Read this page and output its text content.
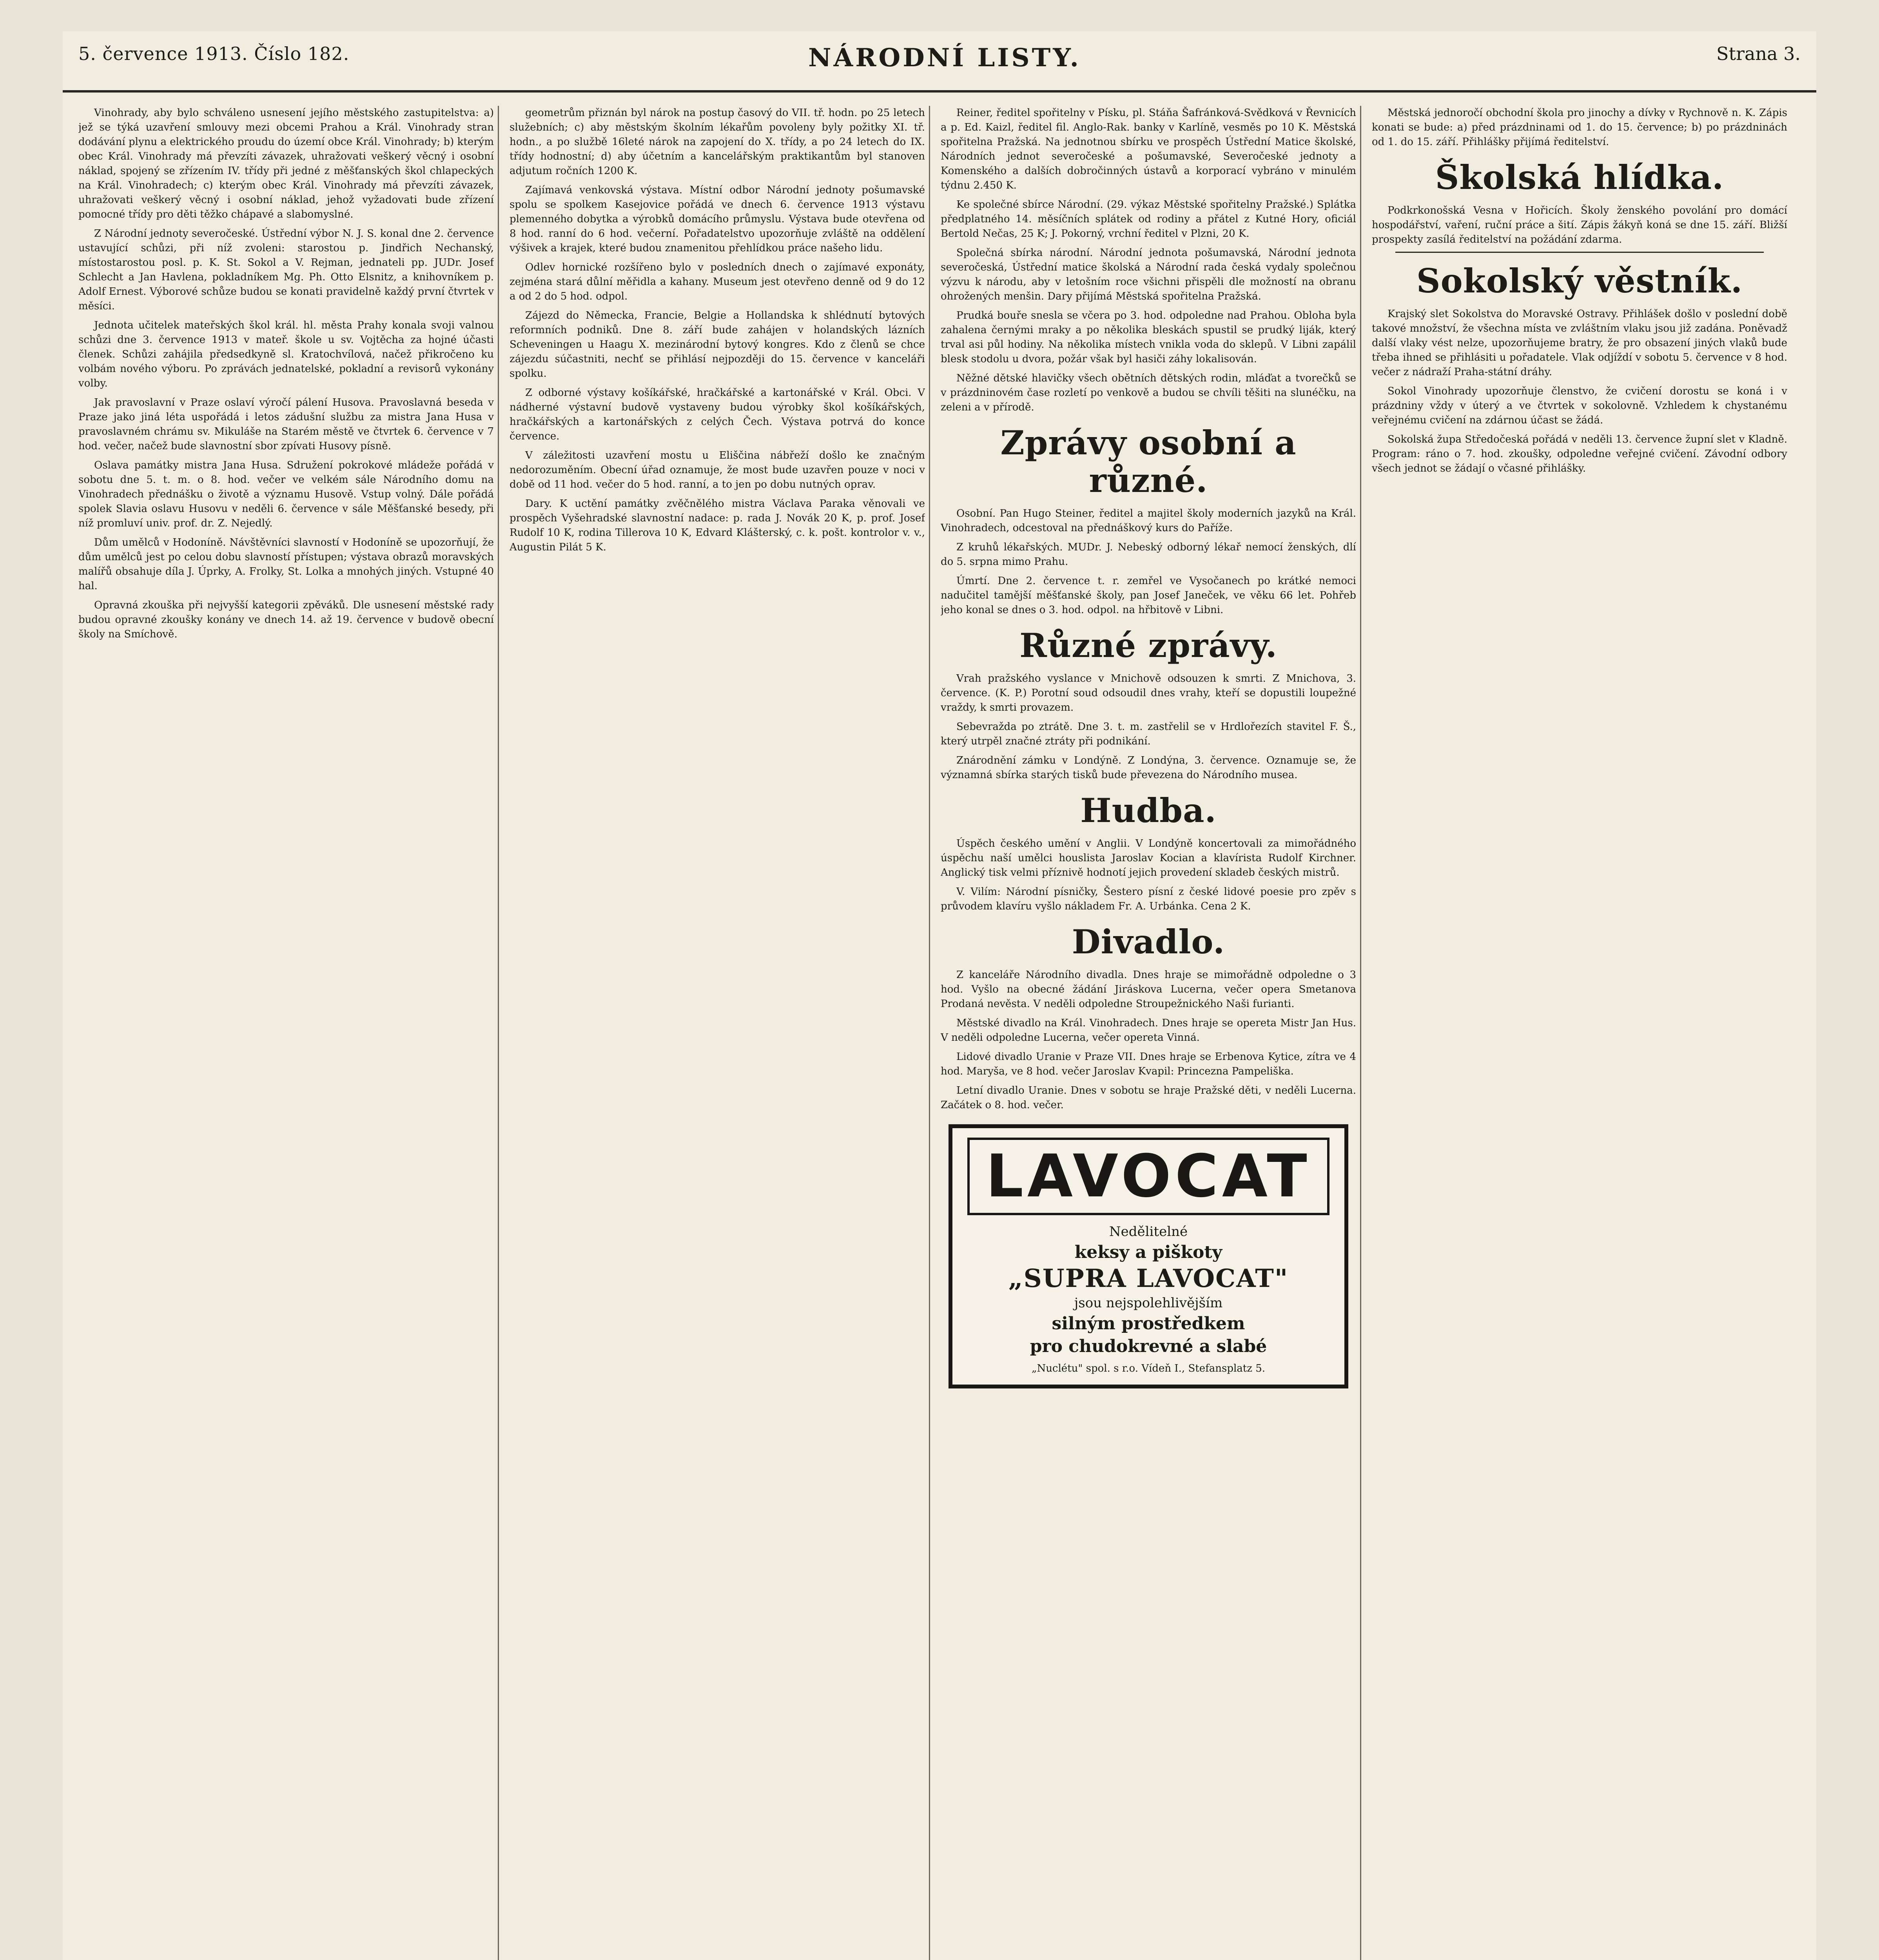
5. července 1913. Číslo 182.	NÁRODNÍ LISTY.	Strana 3.

Vinohrady, aby bylo schváleno usnesení jejího městského zastupitelstva: a) jež se týká uzavření smlouvy mezi obcemi Prahou a Král. Vinohrady stran dodávání plynu a elektrického proudu do území obce Král. Vinohrady; b) kterým obec Král. Vinohrady má převzíti závazek, uhražovati veškerý věcný i osobní náklad, spojený se zřízením IV. třídy při jedné z měšťanských škol chlapeckých na Král. Vinohradech; c) kterým obec Král. Vinohrady má převzíti závazek, uhražovati veškerý věcný i osobní náklad, jehož vyžadovati bude zřízení pomocné třídy pro děti těžko chápavé a slabomyslné.

Z Národní jednoty severočeské. Ústřední výbor N. J. S. konal dne 2. července ustavující schůzi, při níž zvoleni: starostou p. Jindřich Nechanský, místostarostou posl. p. K. St. Sokol a V. Rejman, jednateli pp. JUDr. Josef Schlecht a Jan Havlena, pokladníkem Mg. Ph. Otto Elsnitz, a knihovníkem p. Adolf Ernest. Výborové schůze budou se konati pravidelně každý první čtvrtek v měsíci.

Jednota učitelek mateřských škol král. hl. města Prahy konala svoji valnou schůzi dne 3. července 1913 v mateř. škole u sv. Vojtěcha za hojné účasti členek. Schůzi zahájila předsedkyně sl. Kratochvílová, načež přikročeno ku volbám nového výboru. Po zprávách jednatelské, pokladní a revisorů vykonány volby.

Jak pravoslavní v Praze oslaví výročí pálení Husova. Pravoslavná beseda v Praze jako jiná léta uspořádá i letos zádušní službu za mistra Jana Husa v pravoslavném chrámu sv. Mikuláše na Starém městě ve čtvrtek 6. července v 7 hod. večer, načež bude slavnostní sbor zpívati Husovy písně.

Oslava památky mistra Jana Husa. Sdružení pokrokové mládeže pořádá v sobotu dne 5. t. m. o 8. hod. večer ve velkém sále Národního domu na Vinohradech přednášku o životě a významu Husově. Vstup volný. Dále pořádá spolek Slavia oslavu Husovu v neděli 6. července v sále Měšťanské besedy, při níž promluví univ. prof. dr. Z. Nejedlý.

Dům umělců v Hodoníně. Návštěvníci slavností v Hodoníně se upozorňují, že dům umělců jest po celou dobu slavností přístupen; výstava obrazů moravských malířů obsahuje díla J. Úprky, A. Frolky, St. Lolka a mnohých jiných. Vstupné 40 hal.

Opravná zkouška při nejvyšší kategorii zpěváků. Dle usnesení městské rady budou opravné zkoušky konány ve dnech 14. až 19. července v budově obecní školy na Smíchově.

geometrům přiznán byl nárok na postup časový do VII. tř. hodn. po 25 letech služebních; c) aby městským školním lékařům povoleny byly požitky XI. tř. hodn., a po službě 16leté nárok na zapojení do X. třídy, a po 24 letech do IX. třídy hodnostní; d) aby účetním a kancelářským praktikantům byl stanoven adjutum ročních 1200 K.

Zajímavá venkovská výstava. Místní odbor Národní jednoty pošumavské spolu se spolkem Kasejovice pořádá ve dnech 6. července 1913 výstavu plemenného dobytka a výrobků domácího průmyslu. Výstava bude otevřena od 8 hod. ranní do 6 hod. večerní. Pořadatelstvo upozorňuje zvláště na oddělení výšivek a krajek, které budou znamenitou přehlídkou práce našeho lidu.

Odlev hornické rozšířeno bylo v posledních dnech o zajímavé exponáty, zejména stará důlní měřidla a kahany. Museum jest otevřeno denně od 9 do 12 a od 2 do 5 hod. odpol.

Zájezd do Německa, Francie, Belgie a Hollandska k shlédnutí bytových reformních podniků. Dne 8. září bude zahájen v holandských lázních Scheveningen u Haagu X. mezinárodní bytový kongres. Kdo z členů se chce zájezdu súčastniti, nechť se přihlásí nejpozději do 15. července v kanceláři spolku.

Z odborné výstavy košíkářské, hračkářské a kartonářské v Král. Obci. V nádherné výstavní budově vystaveny budou výrobky škol košíkářských, hračkářských a kartonářských z celých Čech. Výstava potrvá do konce července.

V záležitosti uzavření mostu u Eliščina nábřeží došlo ke značným nedorozuměním. Obecní úřad oznamuje, že most bude uzavřen pouze v noci v době od 11 hod. večer do 5 hod. ranní, a to jen po dobu nutných oprav.

Dary. K uctění památky zvěčnělého mistra Václava Paraka věnovali ve prospěch Vyšehradské slavnostní nadace: p. rada J. Novák 20 K, p. prof. Josef Rudolf 10 K, rodina Tillerova 10 K, Edvard Klášterský, c. k. pošt. kontrolor v. v., Augustin Pilát 5 K.

Reiner, ředitel spořitelny v Písku, pl. Stáňa Šafránková-Svědková v Řevnicích a p. Ed. Kaizl, ředitel fil. Anglo-Rak. banky v Karlíně, vesměs po 10 K. Městská spořitelna Pražská. Na jednotnou sbírku ve prospěch Ústřední Matice školské, Národních jednot severočeské a pošumavské, Severočeské jednoty a Komenského a dalších dobročinných ústavů a korporací vybráno v minulém týdnu 2.450 K.

Ke společné sbírce Národní. (29. výkaz Městské spořitelny Pražské.) Splátka předplatného 14. měsíčních splátek od rodiny a přátel z Kutné Hory, oficiál Bertold Nečas, 25 K; J. Pokorný, vrchní ředitel v Plzni, 20 K.

Společná sbírka národní. Národní jednota pošumavská, Národní jednota severočeská, Ústřední matice školská a Národní rada česká vydaly společnou výzvu k národu, aby v letošním roce všichni přispěli dle možností na obranu ohrožených menšin. Dary přijímá Městská spořitelna Pražská.

Prudká bouře snesla se včera po 3. hod. odpoledne nad Prahou. Obloha byla zahalena černými mraky a po několika bleskách spustil se prudký liják, který trval asi půl hodiny. Na několika místech vnikla voda do sklepů. V Libni zapálil blesk stodolu u dvora, požár však byl hasiči záhy lokalisován.

Něžné dětské hlavičky všech obětních dětských rodin, mláďat a tvorečků se v prázdninovém čase rozletí po venkově a budou se chvíli těšiti na slunéčku, na zeleni a v přírodě.

Zprávy osobní a různé.

Osobní. Pan Hugo Steiner, ředitel a majitel školy moderních jazyků na Král. Vinohradech, odcestoval na přednáškový kurs do Paříže.

Z kruhů lékařských. MUDr. J. Nebeský odborný lékař nemocí ženských, dlí do 5. srpna mimo Prahu.

Úmrtí. Dne 2. července t. r. zemřel ve Vysočanech po krátké nemoci nadučitel tamější měšťanské školy, pan Josef Janeček, ve věku 66 let. Pohřeb jeho konal se dnes o 3. hod. odpol. na hřbitově v Libni.

Různé zprávy.

Vrah pražského vyslance v Mnichově odsouzen k smrti. Z Mnichova, 3. července. (K. P.) Porotní soud odsoudil dnes vrahy, kteří se dopustili loupežné vraždy, k smrti provazem.

Sebevražda po ztrátě. Dne 3. t. m. zastřelil se v Hrdlořezích stavitel F. Š., který utrpěl značné ztráty při podnikání.

Znárodnění zámku v Londýně. Z Londýna, 3. července. Oznamuje se, že významná sbírka starých tisků bude převezena do Národního musea.

Hudba.

Úspěch českého umění v Anglii. V Londýně koncertovali za mimořádného úspěchu naší umělci houslista Jaroslav Kocian a klavírista Rudolf Kirchner. Anglický tisk velmi příznivě hodnotí jejich provedení skladeb českých mistrů.

V. Vilím: Národní písničky, Šestero písní z české lidové poesie pro zpěv s průvodem klavíru vyšlo nákladem Fr. A. Urbánka. Cena 2 K.

Divadlo.

Z kanceláře Národního divadla. Dnes hraje se mimořádně odpoledne o 3 hod. Vyšlo na obecné žádání Jiráskova Lucerna, večer opera Smetanova Prodaná nevěsta. V neděli odpoledne Stroupežnického Naši furianti.

Městské divadlo na Král. Vinohradech. Dnes hraje se opereta Mistr Jan Hus. V neděli odpoledne Lucerna, večer opereta Vinná.

Lidové divadlo Uranie v Praze VII. Dnes hraje se Erbenova Kytice, zítra ve 4 hod. Maryša, ve 8 hod. večer Jaroslav Kvapil: Princezna Pampeliška.

Letní divadlo Uranie. Dnes v sobotu se hraje Pražské děti, v neděli Lucerna. Začátek o 8. hod. večer.

LAVOCAT
Nedělitelné
keksy a piškoty
„SUPRA LAVOCAT"
jsou nejspolehlivějším
silným prostředkem
pro chudokrevné a slabé
„Nuclétu" spol. s r.o. Vídeň I., Stefansplatz 5.

Městská jednoročí obchodní škola pro jinochy a dívky v Rychnově n. K. Zápis konati se bude: a) před prázdninami od 1. do 15. července; b) po prázdninách od 1. do 15. září. Přihlášky přijímá ředitelství.

Školská hlídka.

Podkrkonošská Vesna v Hořicích. Školy ženského povolání pro domácí hospodářství, vaření, ruční práce a šití. Zápis žákyň koná se dne 15. září. Bližší prospekty zasílá ředitelství na požádání zdarma.

Sokolský věstník.

Krajský slet Sokolstva do Moravské Ostravy. Přihlášek došlo v poslední době takové množství, že všechna místa ve zvláštním vlaku jsou již zadána. Poněvadž další vlaky vést nelze, upozorňujeme bratry, že pro obsazení jiných vlaků bude třeba ihned se přihlásiti u pořadatele. Vlak odjíždí v sobotu 5. července v 8 hod. večer z nádraží Praha-státní dráhy.

Sokol Vinohrady upozorňuje členstvo, že cvičení dorostu se koná i v prázdniny vždy v úterý a ve čtvrtek v sokolovně. Vzhledem k chystanému veřejnému cvičení na zdárnou účast se žádá.

Sokolská župa Středočeská pořádá v neděli 13. července župní slet v Kladně. Program: ráno o 7. hod. zkoušky, odpoledne veřejné cvičení. Závodní odbory všech jednot se žádají o včasné přihlášky.
